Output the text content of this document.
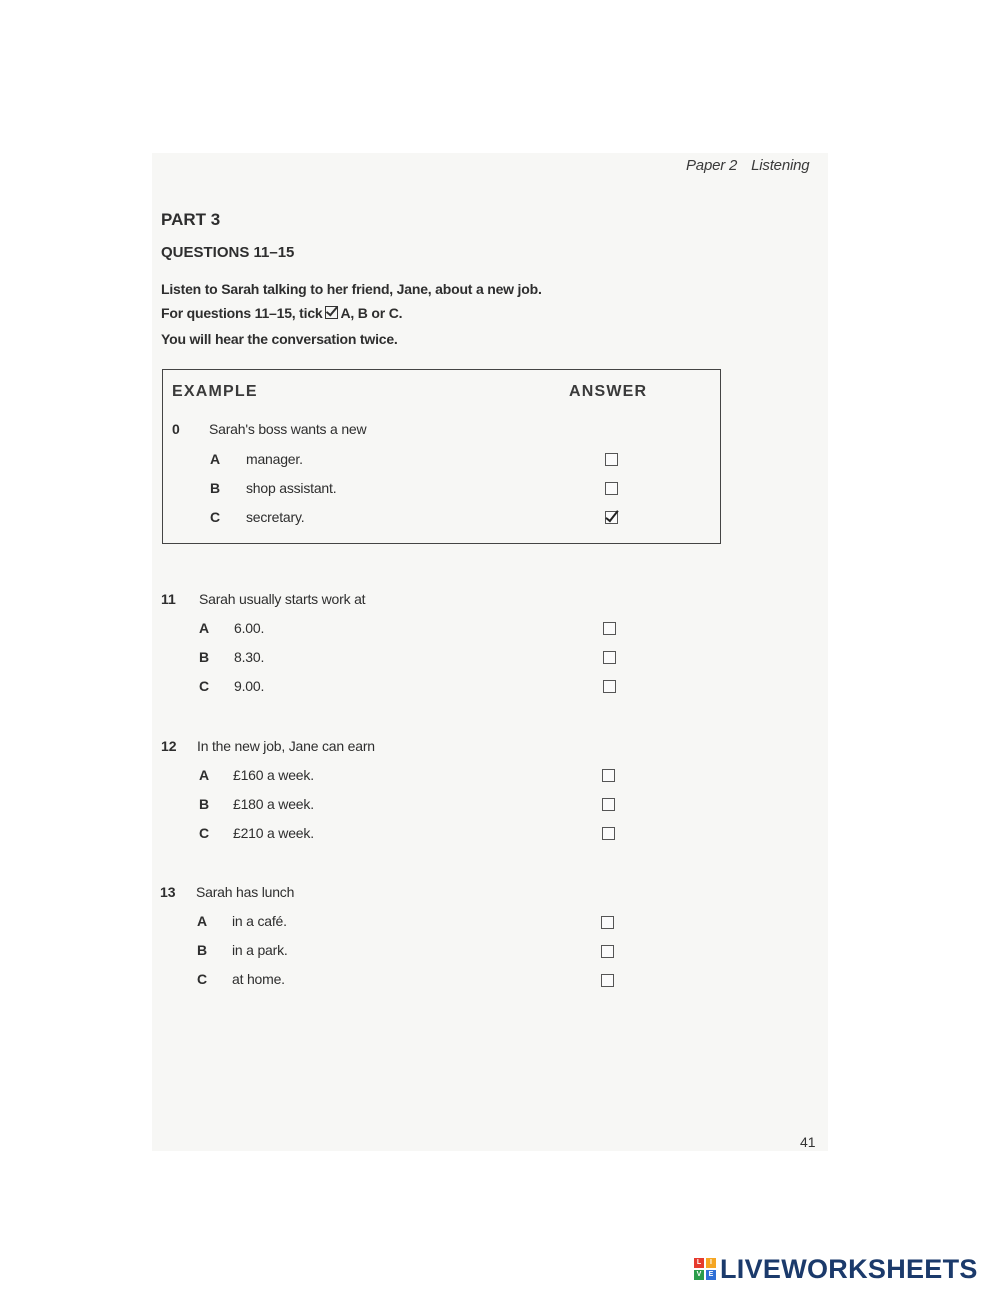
Paper 2 Listening
PART 3
QUESTIONS 11–15
Listen to Sarah talking to her friend, Jane, about a new job.
For questions 11–15, tick A, B or C.
You will hear the conversation twice.
EXAMPLE	ANSWER
0 Sarah's boss wants a new
A manager.
B shop assistant.
C secretary.
11 Sarah usually starts work at
A 6.00.
B 8.30.
C 9.00.
12 In the new job, Jane can earn
A £160 a week.
B £180 a week.
C £210 a week.
13 Sarah has lunch
A in a café.
B in a park.
C at home.
41
L	I
V	E LIVEWORKSHEETS
